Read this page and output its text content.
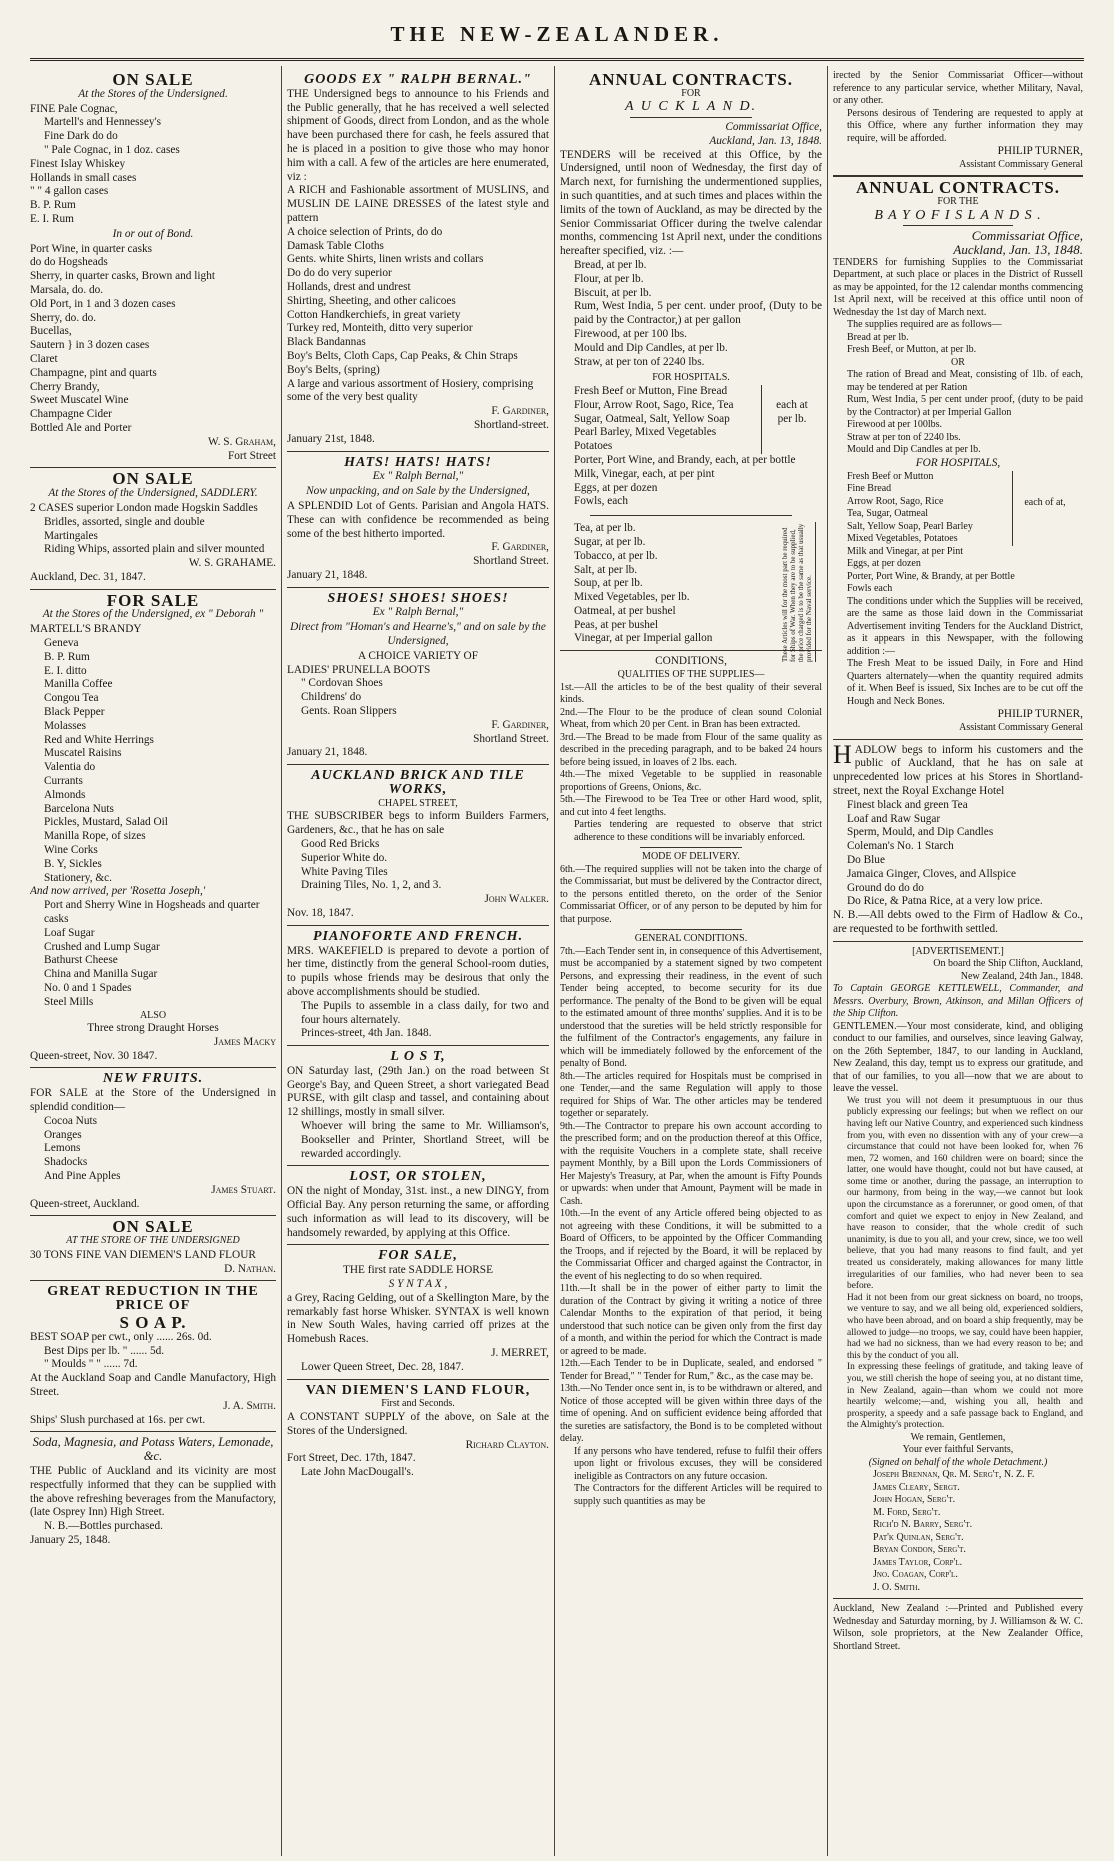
THE NEW-ZEALANDER.
ON SALE
At the Stores of the Undersigned.

FINE Pale Cognac,

Martell's and Hennessey's

Fine Dark do do

" Pale Cognac, in 1 doz. cases

Finest Islay Whiskey

Hollands in small cases

" " 4 gallon cases

B. P. Rum

E. I. Rum

In or out of Bond.

Port Wine, in quarter casks

do do Hogsheads

Sherry, in quarter casks, Brown and light

Marsala, do. do.

Old Port, in 1 and 3 dozen cases

Sherry, do. do.

Bucellas,

Sautern } in 3 dozen cases

Claret

Champagne, pint and quarts

Cherry Brandy,

Sweet Muscatel Wine

Champagne Cider

Bottled Ale and Porter

W. S. Graham,

Fort Street

ON SALE
At the Stores of the Undersigned, SADDLERY.

2 CASES superior London made Hogskin Saddles

Bridles, assorted, single and double

Martingales

Riding Whips, assorted plain and silver mounted

W. S. GRAHAME.

Auckland, Dec. 31, 1847.

FOR SALE
At the Stores of the Undersigned, ex " Deborah "

MARTELL'S BRANDY

Geneva

B. P. Rum

E. I. ditto

Manilla Coffee

Congou Tea

Black Pepper

Molasses

Red and White Herrings

Muscatel Raisins

Valentia do

Currants

Almonds

Barcelona Nuts

Pickles, Mustard, Salad Oil

Manilla Rope, of sizes

Wine Corks

B. Y, Sickles

Stationery, &c.

And now arrived, per 'Rosetta Joseph,'

Port and Sherry Wine in Hogsheads and quarter casks

Loaf Sugar

Crushed and Lump Sugar

Bathurst Cheese

China and Manilla Sugar

No. 0 and 1 Spades

Steel Mills

ALSO

Three strong Draught Horses

James Macky

Queen-street, Nov. 30 1847.

NEW FRUITS.

FOR SALE at the Store of the Undersigned in splendid condition—

Cocoa Nuts

Oranges

Lemons

Shadocks

And Pine Apples

James Stuart.

Queen-street, Auckland.

ON SALE
AT THE STORE OF THE UNDERSIGNED

30 TONS FINE VAN DIEMEN'S LAND FLOUR

D. Nathan.

GREAT REDUCTION IN THE PRICE OF
S O A P.

BEST SOAP per cwt., only ...... 26s. 0d.

Best Dips per lb. " ...... 5d.

" Moulds " " ...... 7d.

At the Auckland Soap and Candle Manufactory, High Street.

J. A. Smith.

Ships' Slush purchased at 16s. per cwt.

Soda, Magnesia, and Potass Waters, Lemonade, &c.

THE Public of Auckland and its vicinity are most respectfully informed that they can be supplied with the above refreshing beverages from the Manufactory, (late Osprey Inn) High Street.

N. B.—Bottles purchased.

January 25, 1848.

GOODS EX " RALPH BERNAL."

THE Undersigned begs to announce to his Friends and the Public generally, that he has received a well selected shipment of Goods, direct from London, and as the whole have been purchased there for cash, he feels assured that he is placed in a position to give those who may honor him with a call. A few of the articles are here enumerated, viz :

A RICH and Fashionable assortment of MUSLINS, and MUSLIN DE LAINE DRESSES of the latest style and pattern

A choice selection of Prints, do do

Damask Table Cloths

Gents. white Shirts, linen wrists and collars

Do do do very superior

Hollands, drest and undrest

Shirting, Sheeting, and other calicoes

Cotton Handkerchiefs, in great variety

Turkey red, Monteith, ditto very superior

Black Bandannas

Boy's Belts, Cloth Caps, Cap Peaks, & Chin Straps

Boy's Belts, (spring)

A large and various assortment of Hosiery, comprising some of the very best quality

F. Gardiner,

Shortland-street.

January 21st, 1848.

HATS! HATS! HATS!
Ex " Ralph Bernal,"
Now unpacking, and on Sale by the Undersigned,

A SPLENDID Lot of Gents. Parisian and Angola HATS. These can with confidence be recommended as being some of the best hitherto imported.

F. Gardiner,

Shortland Street.

January 21, 1848.

SHOES! SHOES! SHOES!
Ex " Ralph Bernal,"
Direct from "Homan's and Hearne's," and on sale by the Undersigned,
A CHOICE VARIETY OF

LADIES' PRUNELLA BOOTS

" Cordovan Shoes

Childrens' do

Gents. Roan Slippers

F. Gardiner,

Shortland Street.

January 21, 1848.

AUCKLAND BRICK AND TILE WORKS,
CHAPEL STREET,

THE SUBSCRIBER begs to inform Builders Farmers, Gardeners, &c., that he has on sale

Good Red Bricks

Superior White do.

White Paving Tiles

Draining Tiles, No. 1, 2, and 3.

John Walker.

Nov. 18, 1847.

PIANOFORTE AND FRENCH.

MRS. WAKEFIELD is prepared to devote a portion of her time, distinctly from the general School-room duties, to pupils whose friends may be desirous that only the above accomplishments should be studied.

The Pupils to assemble in a class daily, for two and four hours alternately.

Princes-street, 4th Jan. 1848.

L O S T,

ON Saturday last, (29th Jan.) on the road between St George's Bay, and Queen Street, a short variegated Bead PURSE, with gilt clasp and tassel, and containing about 12 shillings, mostly in small silver.

Whoever will bring the same to Mr. Williamson's, Bookseller and Printer, Shortland Street, will be rewarded accordingly.

LOST, OR STOLEN,

ON the night of Monday, 31st. inst., a new DINGY, from Official Bay. Any person returning the same, or affording such information as will lead to its discovery, will be handsomely rewarded, by applying at this Office.

FOR SALE,

THE first rate SADDLE HORSE

S Y N T A X ,

a Grey, Racing Gelding, out of a Skellington Mare, by the remarkably fast horse Whisker. SYNTAX is well known in New South Wales, having carried off prizes at the Homebush Races.

J. MERRET,

Lower Queen Street, Dec. 28, 1847.

VAN DIEMEN'S LAND FLOUR,
First and Seconds.

A CONSTANT SUPPLY of the above, on Sale at the Stores of the Undersigned.

Richard Clayton.

Fort Street, Dec. 17th, 1847.

Late John MacDougall's.

ANNUAL CONTRACTS.
FOR
A U C K L A N D.

Commissariat Office,

Auckland, Jan. 13, 1848.

TENDERS will be received at this Office, by the Undersigned, until noon of Wednesday, the first day of March next, for furnishing the undermentioned supplies, in such quantities, and at such times and places within the limits of the town of Auckland, as may be directed by the Senior Commissariat Officer during the twelve calendar months, commencing 1st April next, under the conditions hereafter specified, viz. :—

Bread, at per lb.

Flour, at per lb.

Biscuit, at per lb.

Rum, West India, 5 per cent. under proof, (Duty to be paid by the Contractor,) at per gallon

Firewood, at per 100 lbs.

Mould and Dip Candles, at per lb.

Straw, at per ton of 2240 lbs.

FOR HOSPITALS.

Fresh Beef or Mutton, Fine Bread

Flour, Arrow Root, Sago, Rice, Tea

Sugar, Oatmeal, Salt, Yellow Soap

Pearl Barley, Mixed Vegetables

Potatoes

each at per lb.

Porter, Port Wine, and Brandy, each, at per bottle

Milk, Vinegar, each, at per pint

Eggs, at per dozen

Fowls, each

Tea, at per lb.

Sugar, at per lb.

Tobacco, at per lb.

Salt, at per lb.

Soup, at per lb.

Mixed Vegetables, per lb.

Oatmeal, at per bushel

Peas, at per bushel

Vinegar, at per Imperial gallon	These Articles will for the most part be required for Ships of War. When they are to be supplied, the price charged is to be the same as that usually provided for the Naval service.
CONDITIONS,
QUALITIES OF THE SUPPLIES—

1st.—All the articles to be of the best quality of their several kinds.

2nd.—The Flour to be the produce of clean sound Colonial Wheat, from which 20 per Cent. in Bran has been extracted.

3rd.—The Bread to be made from Flour of the same quality as described in the preceding paragraph, and to be baked 24 hours before being issued, in loaves of 2 lbs. each.

4th.—The mixed Vegetable to be supplied in reasonable proportions of Greens, Onions, &c.

5th.—The Firewood to be Tea Tree or other Hard wood, split, and cut into 4 feet lengths.

Parties tendering are requested to observe that strict adherence to these conditions will be invariably enforced.

MODE OF DELIVERY.

6th.—The required supplies will not be taken into the charge of the Commissariat, but must be delivered by the Contractor direct, to the persons entitled thereto, on the order of the Senior Commissariat Officer, or of any person to be deputed by him for that purpose.

GENERAL CONDITIONS.

7th.—Each Tender sent in, in consequence of this Advertisement, must be accompanied by a statement signed by two competent Persons, and expressing their readiness, in the event of such Tender being accepted, to become security for its due performance. The penalty of the Bond to be given will be equal to the estimated amount of three months' supplies. And it is to be understood that the sureties will be held strictly responsible for the fulfilment of the Contractor's engagements, any failure in which will be immediately followed by the enforcement of the penalty of Bond.

8th.—The articles required for Hospitals must be comprised in one Tender,—and the same Regulation will apply to those required for Ships of War. The other articles may be tendered together or separately.

9th.—The Contractor to prepare his own account according to the prescribed form; and on the production thereof at this Office, with the requisite Vouchers in a complete state, shall receive payment Monthly, by a Bill upon the Lords Commissioners of Her Majesty's Treasury, at Par, when the amount is Fifty Pounds or upwards: when under that Amount, Payment will be made in Cash.

10th.—In the event of any Article offered being objected to as not agreeing with these Conditions, it will be submitted to a Board of Officers, to be appointed by the Officer Commanding the Troops, and if rejected by the Board, it will be replaced by the Commissariat Officer and charged against the Contractor, in the event of his neglecting to do so when required.

11th.—It shall be in the power of either party to limit the duration of the Contract by giving it writing a notice of three Calendar Months to the expiration of that period, it being understood that such notice can be given only from the first day of a month, and within the period for which the Contract is made or agreed to be made.

12th.—Each Tender to be in Duplicate, sealed, and endorsed " Tender for Bread," " Tender for Rum," &c., as the case may be.

13th.—No Tender once sent in, is to be withdrawn or altered, and Notice of those accepted will be given within three days of the time of opening. And on sufficient evidence being afforded that the sureties are satisfactory, the Bond is to be completed without delay.

If any persons who have tendered, refuse to fulfil their offers upon light or frivolous excuses, they will be considered ineligible as Contractors on any future occasion.

The Contractors for the different Articles will be required to supply such quantities as may be

irected by the Senior Commissariat Officer—without reference to any particular service, whether Military, Naval, or any other.

Persons desirous of Tendering are requested to apply at this Office, where any further information they may require, will be afforded.

PHILIP TURNER,

Assistant Commissary General

ANNUAL CONTRACTS.
FOR THE
B A Y O F I S L A N D S .

Commissariat Office,

Auckland, Jan. 13, 1848.

TENDERS for furnishing Supplies to the Commissariat Department, at such place or places in the District of Russell as may be appointed, for the 12 calendar months commencing 1st April next, will be received at this office until noon of Wednesday the 1st day of March next.

The supplies required are as follows—

Bread at per lb.

Fresh Beef, or Mutton, at per lb.

OR

The ration of Bread and Meat, consisting of 1lb. of each, may be tendered at per Ration

Rum, West India, 5 per cent under proof, (duty to be paid by the Contractor) at per Imperial Gallon

Firewood at per 100lbs.

Straw at per ton of 2240 lbs.

Mould and Dip Candles at per lb.

FOR HOSPITALS,

Fresh Beef or Mutton

Fine Bread

Arrow Root, Sago, Rice

Tea, Sugar, Oatmeal

Salt, Yellow Soap, Pearl Barley

Mixed Vegetables, Potatoes

each of at,

Milk and Vinegar, at per Pint

Eggs, at per dozen

Porter, Port Wine, & Brandy, at per Bottle

Fowls each

The conditions under which the Supplies will be received, are the same as those laid down in the Commissariat Advertisement inviting Tenders for the Auckland District, as it appears in this Newspaper, with the following addition :—

The Fresh Meat to be issued Daily, in Fore and Hind Quarters alternately—when the quantity required admits of it. When Beef is issued, Six Inches are to be cut off the Hough and Neck Bones.

PHILIP TURNER,

Assistant Commissary General

HADLOW begs to inform his customers and the public of Auckland, that he has on sale at unprecedented low prices at his Stores in Shortland-street, next the Royal Exchange Hotel

Finest black and green Tea

Loaf and Raw Sugar

Sperm, Mould, and Dip Candles

Coleman's No. 1 Starch

Do Blue

Jamaica Ginger, Cloves, and Allspice

Ground do do do

Do Rice, & Patna Rice, at a very low price.

N. B.—All debts owed to the Firm of Hadlow & Co., are requested to be forthwith settled.

[ADVERTISEMENT.]

On board the Ship Clifton, Auckland,

New Zealand, 24th Jan., 1848.

To Captain GEORGE KETTLEWELL, Commander, and Messrs. Overbury, Brown, Atkinson, and Millan Officers of the Ship Clifton.

GENTLEMEN.—Your most considerate, kind, and obliging conduct to our families, and ourselves, since leaving Galway, on the 26th September, 1847, to our landing in Auckland, New Zealand, this day, tempt us to express our gratitude, and that of our families, to you all—now that we are about to leave the vessel.

We trust you will not deem it presumptuous in our thus publicly expressing our feelings; but when we reflect on our having left our Native Country, and experienced such kindness from you, with even no dissention with any of your crew—a circumstance that could not have been looked for, when 76 men, 72 women, and 160 children were on board; since the latter, one would have thought, could not but have caused, at some time or another, during the passage, an interruption to our harmony, from being in the way,—we cannot but look upon the circumstance as a forerunner, or good omen, of that comfort and quiet we expect to enjoy in New Zealand, and have reason to consider, that the whole credit of such unanimity, is due to you all, and your crew, since, we too well believe, that you had many reasons to find fault, and yet treated us considerately, making allowances for many little irregularities of our families, who had never been to sea before.

Had it not been from our great sickness on board, no troops, we venture to say, and we all being old, experienced soldiers, who have been abroad, and on board a ship frequently, may be allowed to judge—no troops, we say, could have been happier, had we had no sickness, than we had every reason to be; and this by the conduct of you all.

In expressing these feelings of gratitude, and taking leave of you, we still cherish the hope of seeing you, at no distant time, in New Zealand, again—than whom we could not more heartily welcome;—and, wishing you all, health and prosperity, a speedy and a safe passage back to England, and the Almighty's protection.

We remain, Gentlemen,

Your ever faithful Servants,

(Signed on behalf of the whole Detachment.)

Joseph Brennan, Qr. M. Serg't, N. Z. F.

James Cleary, Sergt.

John Hogan, Serg't.

M. Ford, Serg't.

Rich'd N. Barry, Serg't.

Pat'k Quinlan, Serg't.

Bryan Condon, Serg't.

James Taylor, Corp'l.

Jno. Coagan, Corp'l.

J. O. Smith.

Auckland, New Zealand :—Printed and Published every Wednesday and Saturday morning, by J. Williamson & W. C. Wilson, sole proprietors, at the New Zealander Office, Shortland Street.
